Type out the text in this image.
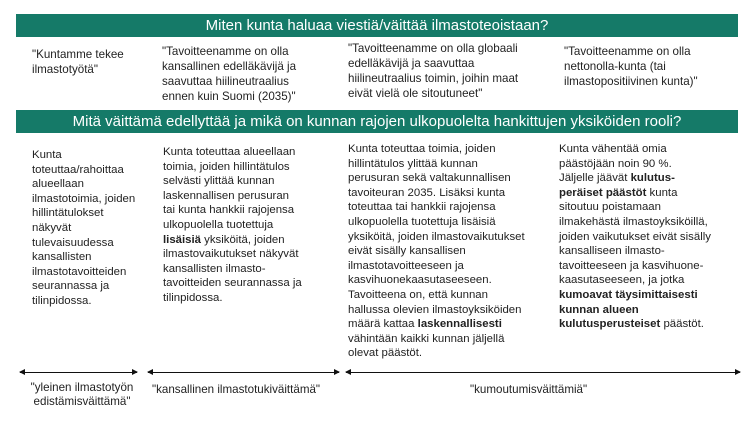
Miten kunta haluaa viestiä/väittää ilmastoteoistaan?
"Kuntamme tekee
ilmastotyötä"
"Tavoitteenamme on olla
kansallinen edelläkävijä ja
saavuttaa hiilineutraalius
ennen kuin Suomi (2035)"
"Tavoitteenamme on olla globaali
edelläkävijä ja saavuttaa
hiilineutraalius toimin, joihin maat
eivät vielä ole sitoutuneet"
"Tavoitteenamme on olla
nettonolla-kunta (tai
ilmastopositiivinen kunta)"
Mitä väittämä edellyttää ja mikä on kunnan rajojen ulkopuolelta hankittujen yksiköiden rooli?
Kunta
toteuttaa/rahoittaa
alueellaan
ilmastotoimia, joiden
hillintätulokset
näkyvät
tulevaisuudessa
kansallisten
ilmastotavoitteiden
seurannassa ja
tilinpidossa.
Kunta toteuttaa alueellaan
toimia, joiden hillintätulos
selvästi ylittää kunnan
laskennallisen perusuran
tai kunta hankkii rajojensa
ulkopuolella tuotettuja
lisäisiä yksiköitä, joiden
ilmastovaikutukset näkyvät
kansallisten ilmasto-
tavoitteiden seurannassa ja
tilinpidossa.
Kunta toteuttaa toimia, joiden
hillintätulos ylittää kunnan
perusuran sekä valtakunnallisen
tavoiteuran 2035. Lisäksi kunta
toteuttaa tai hankkii rajojensa
ulkopuolella tuotettuja lisäisiä
yksiköitä, joiden ilmastovaikutukset
eivät sisälly kansallisen
ilmastotavoitteeseen ja
kasvihuonekaasutaseeseen.
Tavoitteena on, että kunnan
hallussa olevien ilmastoyksiköiden
määrä kattaa laskennallisesti
vähintään kaikki kunnan jäljellä
olevat päästöt.
Kunta vähentää omia
päästöjään noin 90 %.
Jäljelle jäävät kulutus-
peräiset päästöt kunta
sitoutuu poistamaan
ilmakehästä ilmastoyksiköillä,
joiden vaikutukset eivät sisälly
kansalliseen ilmasto-
tavoitteeseen ja kasvihuone-
kaasutaseeseen, ja jotka
kumoavat täysimittaisesti
kunnan alueen
kulutusperusteiset päästöt.
"yleinen ilmastotyön
edistämisväittämä"
"kansallinen ilmastotukiväittämä"	"kumoutumisväittämiä"
